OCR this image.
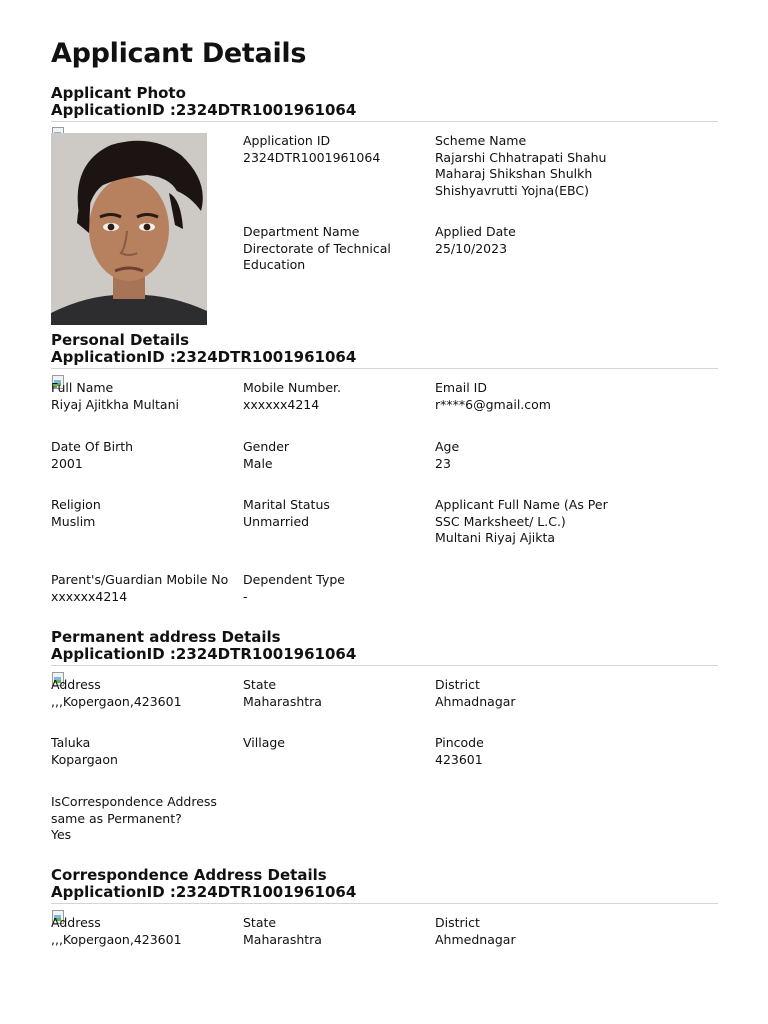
Applicant Details
Applicant Photo
ApplicationID :2324DTR1001961064
Application ID
2324DTR1001961064
Scheme Name
Rajarshi Chhatrapati Shahu Maharaj Shikshan Shulkh Shishyavrutti Yojna(EBC)
Department Name
Directorate of Technical Education
Applied Date
25/10/2023
Personal Details
ApplicationID :2324DTR1001961064
Full Name
Riyaj Ajitkha Multani
Mobile Number.
xxxxxx4214
Email ID
r****6@gmail.com
Date Of Birth
2001
Gender
Male
Age
23
Religion
Muslim
Marital Status
Unmarried
Applicant Full Name (As Per SSC Marksheet/ L.C.)
Multani Riyaj Ajikta
Parent's/Guardian Mobile No
xxxxxx4214
Dependent Type
-
Permanent address Details
ApplicationID :2324DTR1001961064
Address
,,,Kopergaon,423601
State
Maharashtra
District
Ahmadnagar
Taluka
Kopargaon
Village	Pincode
423601
IsCorrespondence Address same as Permanent?
Yes
Correspondence Address Details
ApplicationID :2324DTR1001961064
Address
,,,Kopergaon,423601
State
Maharashtra
District
Ahmednagar
